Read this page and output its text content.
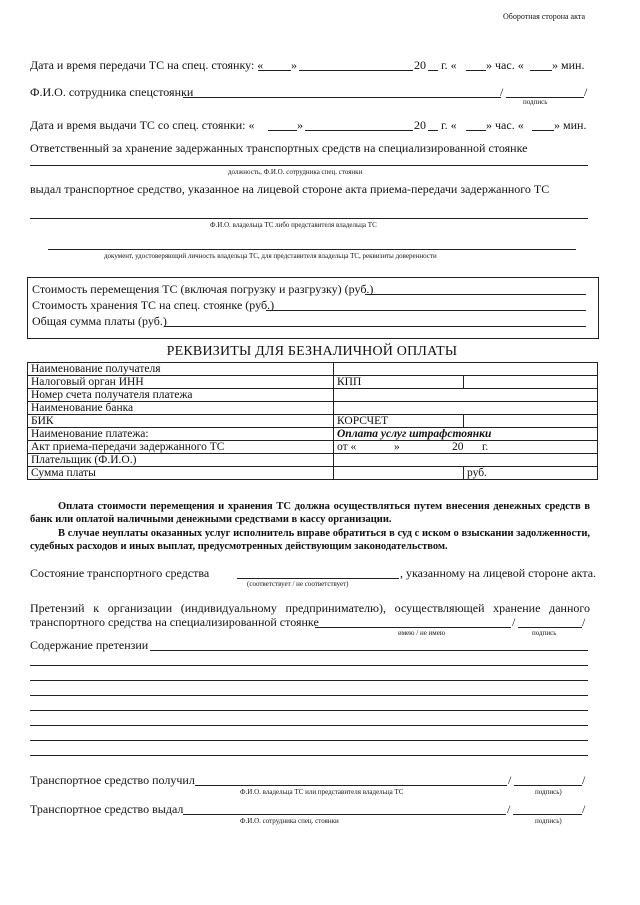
Оборотная сторона акта
Дата и время передачи ТС на спец. стоянку: « »	20 г. « » час. « » мин.
Ф.И.О. сотрудника спецстоянки	/	/
подпись
Дата и время выдачи ТС со спец. стоянки: «	»	20 г. « » час. «	» мин.
Ответственный за хранение задержанных транспортных средств на специализированной стоянке
должность, Ф.И.О. сотрудника спец. стоянки
выдал транспортное средство, указанное на лицевой стороне акта приема-передачи задержанного ТС
Ф.И.О. владельца ТС либо представителя владельца ТС
документ, удостоверяющий личность владельца ТС, для представителя владельца ТС, реквизиты доверенности
Стоимость перемещения ТС (включая погрузку и разгрузку) (руб.)
Стоимость хранения ТС на спец. стоянке (руб.)
Общая сумма платы (руб.)
РЕКВИЗИТЫ ДЛЯ БЕЗНАЛИЧНОЙ ОПЛАТЫ
Наименование получателя		
Налоговый орган ИНН	КПП	
Номер счета получателя платежа		
Наименование банка		
БИК	КОРСЧЕТ	
Наименование платежа:	Оплата услуг штрафстоянки	
Акт приема-передачи задержанного ТС	от « » 20 г.	

Плательщик (Ф.И.О.)		
Сумма платы		руб.
Оплата стоимости перемещения и хранения ТС должна осуществляться путем внесения денежных средств в банк или оплатой наличными денежными средствами в кассу организации.
В случае неуплаты оказанных услуг исполнитель вправе обратиться в суд с иском о взыскании задолженности, судебных расходов и иных выплат, предусмотренных действующим законодательством.
Состояние транспортного средства	, указанному на лицевой стороне акта.
(соответствует / не соответствует)
Претензий к организации (индивидуальному предпринимателю), осуществляющей хранение данного
транспортного средства на специализированной стоянке	/	/
имею / не имею	подпись
Содержание претензии
Транспортное средство получил	/	/
Ф.И.О. владельца ТС или представителя владельца ТС	подпись)
Транспортное средство выдал	/	/
Ф.И.О. сотрудника спец. стоянки	подпись)
